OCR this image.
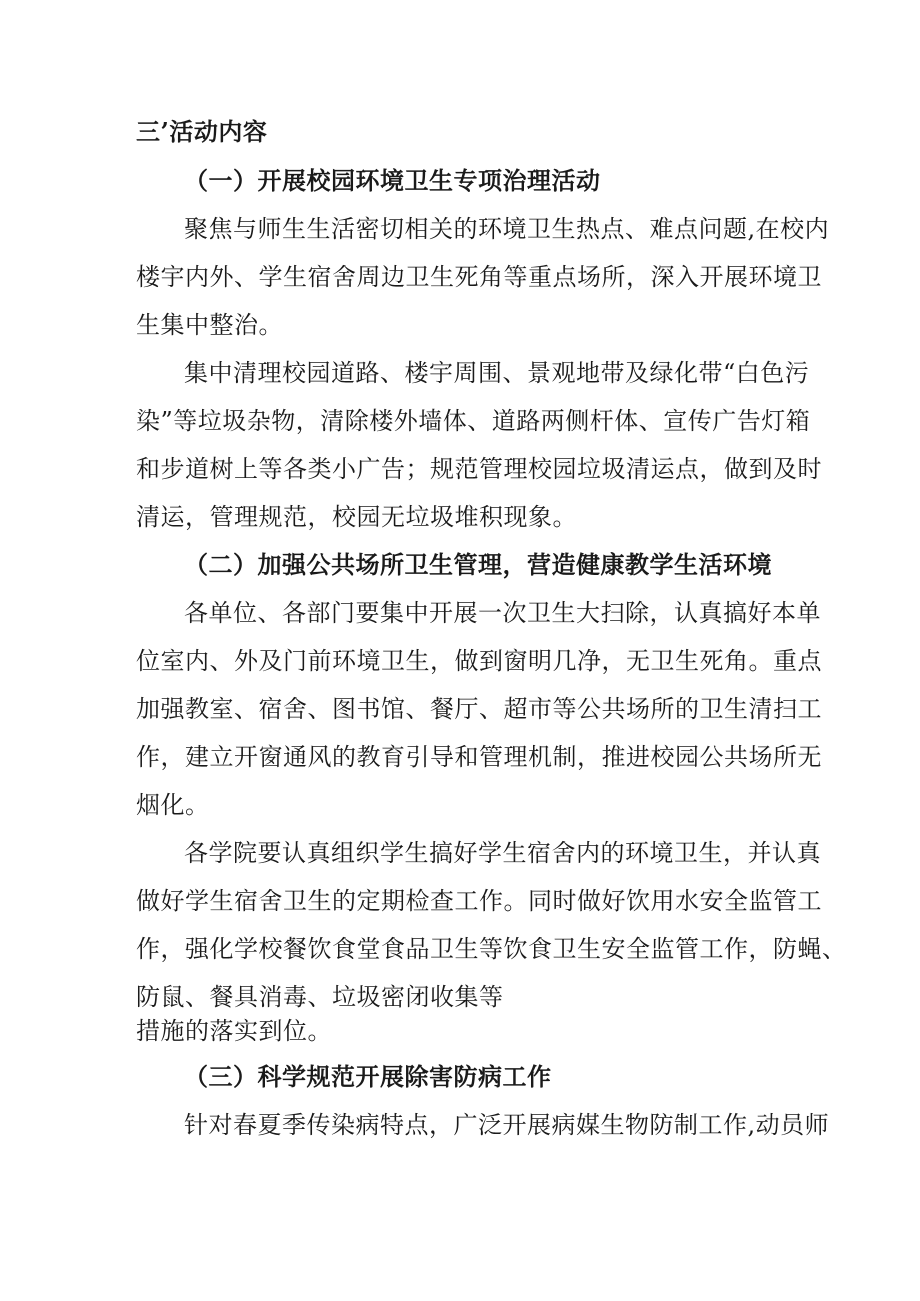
三’活动内容
（一）开展校园环境卫生专项治理活动
聚焦与师生生活密切相关的环境卫生热点、难点问题,在校内
楼宇内外、学生宿舍周边卫生死角等重点场所，深入开展环境卫
生集中整治。
集中清理校园道路、楼宇周围、景观地带及绿化带“白色污
染”等垃圾杂物，清除楼外墙体、道路两侧杆体、宣传广告灯箱
和步道树上等各类小广告；规范管理校园垃圾清运点，做到及时
清运，管理规范，校园无垃圾堆积现象。
（二）加强公共场所卫生管理，营造健康教学生活环境
各单位、各部门要集中开展一次卫生大扫除，认真搞好本单
位室内、外及门前环境卫生，做到窗明几净，无卫生死角。重点
加强教室、宿舍、图书馆、餐厅、超市等公共场所的卫生清扫工
作，建立开窗通风的教育引导和管理机制，推进校园公共场所无
烟化。
各学院要认真组织学生搞好学生宿舍内的环境卫生，并认真
做好学生宿舍卫生的定期检查工作。同时做好饮用水安全监管工
作，强化学校餐饮食堂食品卫生等饮食卫生安全监管工作，防蝇、
防鼠、餐具消毒、垃圾密闭收集等
措施的落实到位。
（三）科学规范开展除害防病工作
针对春夏季传染病特点，广泛开展病媒生物防制工作,动员师
